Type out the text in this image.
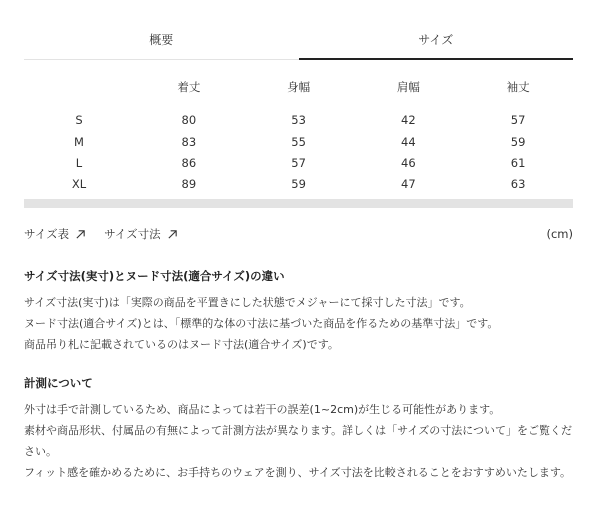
概要	サイズ
	着丈	身幅	肩幅	袖丈
S	80	53	42	57
M	83	55	44	59
L	86	57	46	61
XL	89	59	47	63
サイズ表	サイズ寸法	(cm)
サイズ寸法(実寸)とヌード寸法(適合サイズ)の違い

サイズ寸法(実寸)は「実際の商品を平置きにした状態でメジャーにて採寸した寸法」です。

ヌード寸法(適合サイズ)とは、「標準的な体の寸法に基づいた商品を作るための基準寸法」です。

商品吊り札に記載されているのはヌード寸法(適合サイズ)です。

計測について

外寸は手で計測しているため、商品によっては若干の誤差(1~2cm)が生じる可能性があります。

素材や商品形状、付属品の有無によって計測方法が異なります。詳しくは「サイズの寸法について」をご覧ください。

フィット感を確かめるために、お手持ちのウェアを測り、サイズ寸法を比較されることをおすすめいたします。
